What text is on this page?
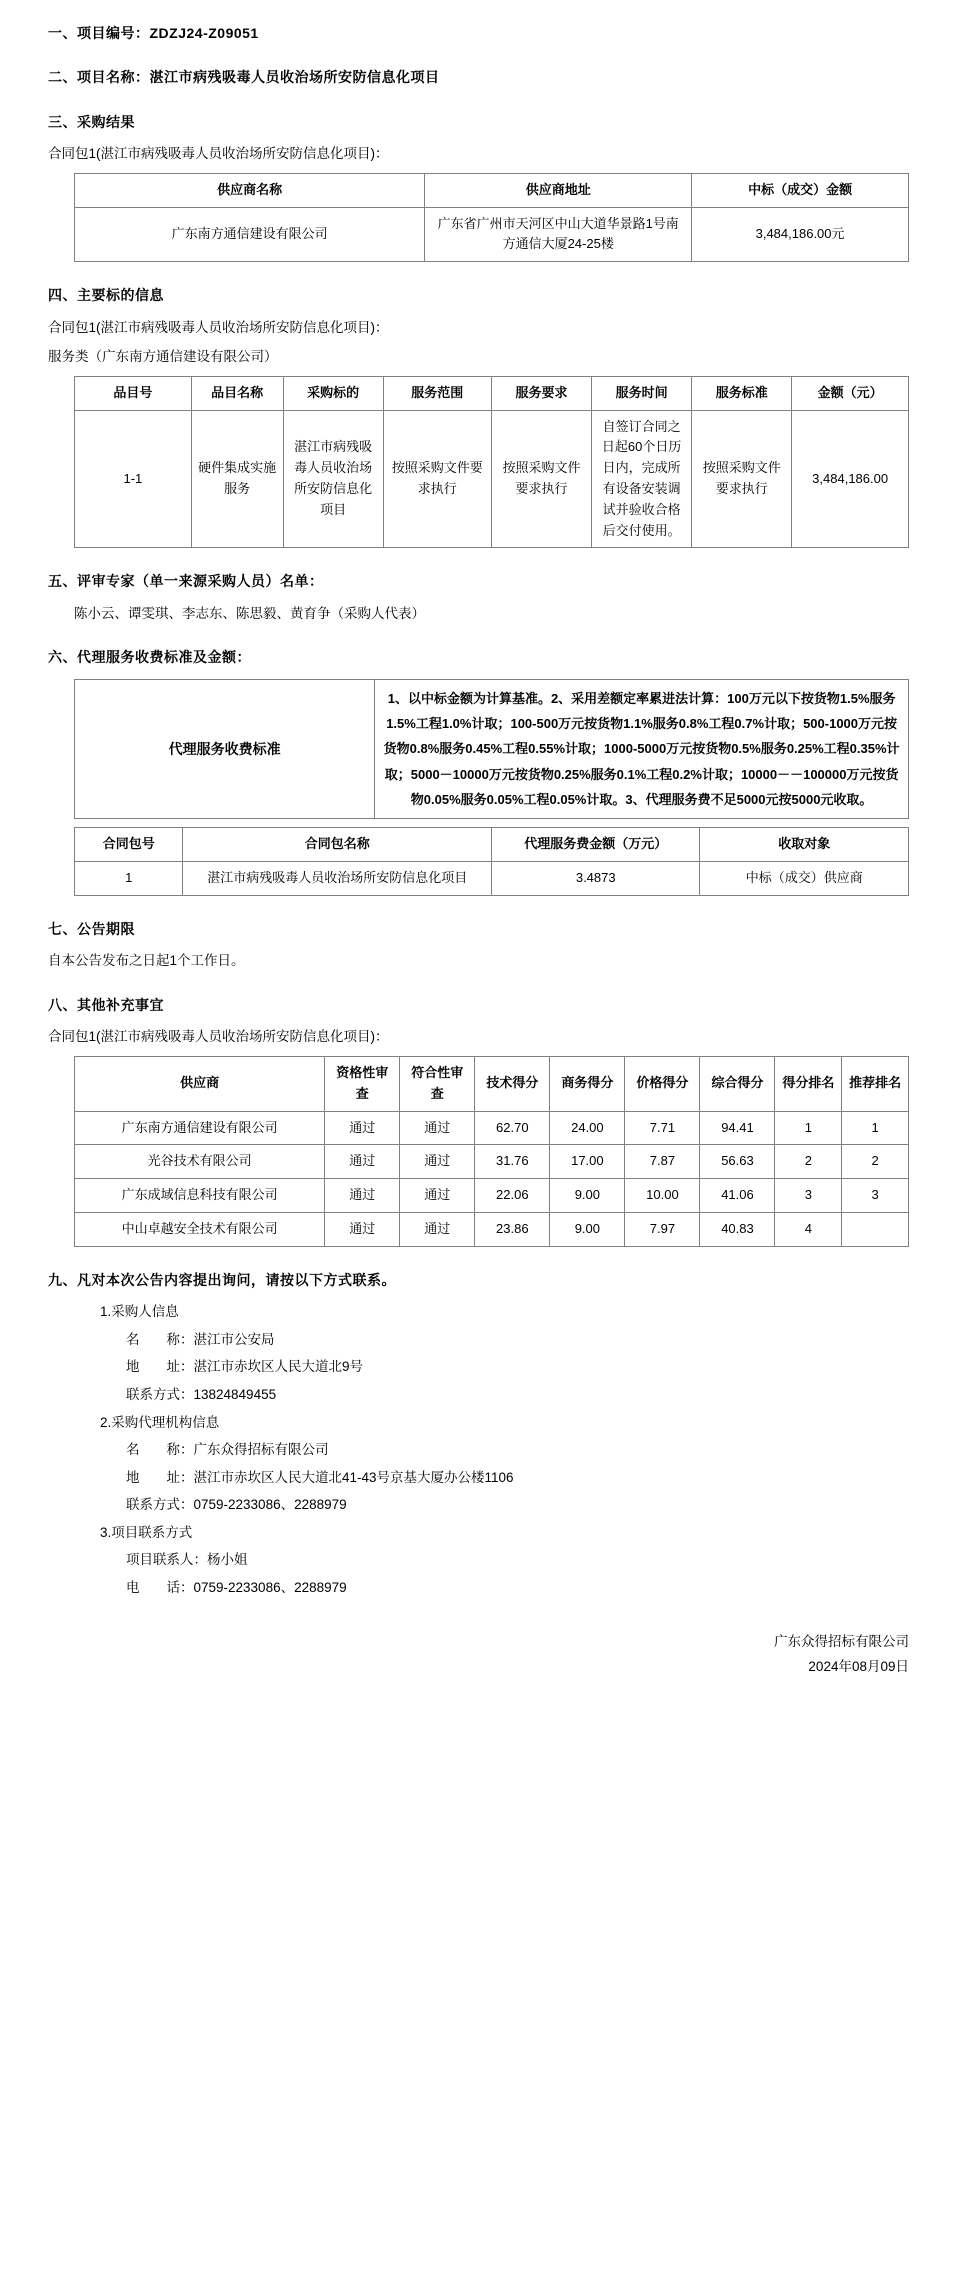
一、项目编号：ZDZJ24-Z09051
二、项目名称：湛江市病残吸毒人员收治场所安防信息化项目
三、采购结果
合同包1(湛江市病残吸毒人员收治场所安防信息化项目)：
供应商名称	供应商地址	中标（成交）金额
广东南方通信建设有限公司	广东省广州市天河区中山大道华景路1号南方通信大厦24-25楼	3,484,186.00元
四、主要标的信息
合同包1(湛江市病残吸毒人员收治场所安防信息化项目)：
服务类（广东南方通信建设有限公司）
品目号	品目名称	采购标的	服务范围	服务要求	服务时间	服务标准	金额（元）
1-1	硬件集成实施服务	湛江市病残吸毒人员收治场所安防信息化项目	按照采购文件要求执行	按照采购文件要求执行	自签订合同之日起60个日历日内，完成所有设备安装调试并验收合格后交付使用。	按照采购文件要求执行	3,484,186.00
五、评审专家（单一来源采购人员）名单：
陈小云、谭雯琪、李志东、陈思毅、黄育争（采购人代表）
六、代理服务收费标准及金额：
代理服务收费标准	1、以中标金额为计算基准。2、采用差额定率累进法计算：100万元以下按货物1.5%服务1.5%工程1.0%计取；100-500万元按货物1.1%服务0.8%工程0.7%计取；500-1000万元按货物0.8%服务0.45%工程0.55%计取；1000-5000万元按货物0.5%服务0.25%工程0.35%计取；5000－10000万元按货物0.25%服务0.1%工程0.2%计取；10000－－100000万元按货物0.05%服务0.05%工程0.05%计取。3、代理服务费不足5000元按5000元收取。
合同包号	合同包名称	代理服务费金额（万元）	收取对象
1	湛江市病残吸毒人员收治场所安防信息化项目	3.4873	中标（成交）供应商
七、公告期限
自本公告发布之日起1个工作日。
八、其他补充事宜
合同包1(湛江市病残吸毒人员收治场所安防信息化项目)：
供应商	资格性审查	符合性审查	技术得分	商务得分	价格得分	综合得分	得分排名	推荐排名
广东南方通信建设有限公司	通过	通过	62.70	24.00	7.71	94.41	1	1
光谷技术有限公司	通过	通过	31.76	17.00	7.87	56.63	2	2
广东成域信息科技有限公司	通过	通过	22.06	9.00	10.00	41.06	3	3
中山卓越安全技术有限公司	通过	通过	23.86	9.00	7.97	40.83	4	
九、凡对本次公告内容提出询问，请按以下方式联系。
1.采购人信息
名　　称：湛江市公安局
地　　址：湛江市赤坎区人民大道北9号
联系方式：13824849455
2.采购代理机构信息
名　　称：广东众得招标有限公司
地　　址：湛江市赤坎区人民大道北41-43号京基大厦办公楼1106
联系方式：0759-2233086、2288979
3.项目联系方式
项目联系人：杨小姐
电　　话：0759-2233086、2288979
广东众得招标有限公司
2024年08月09日
